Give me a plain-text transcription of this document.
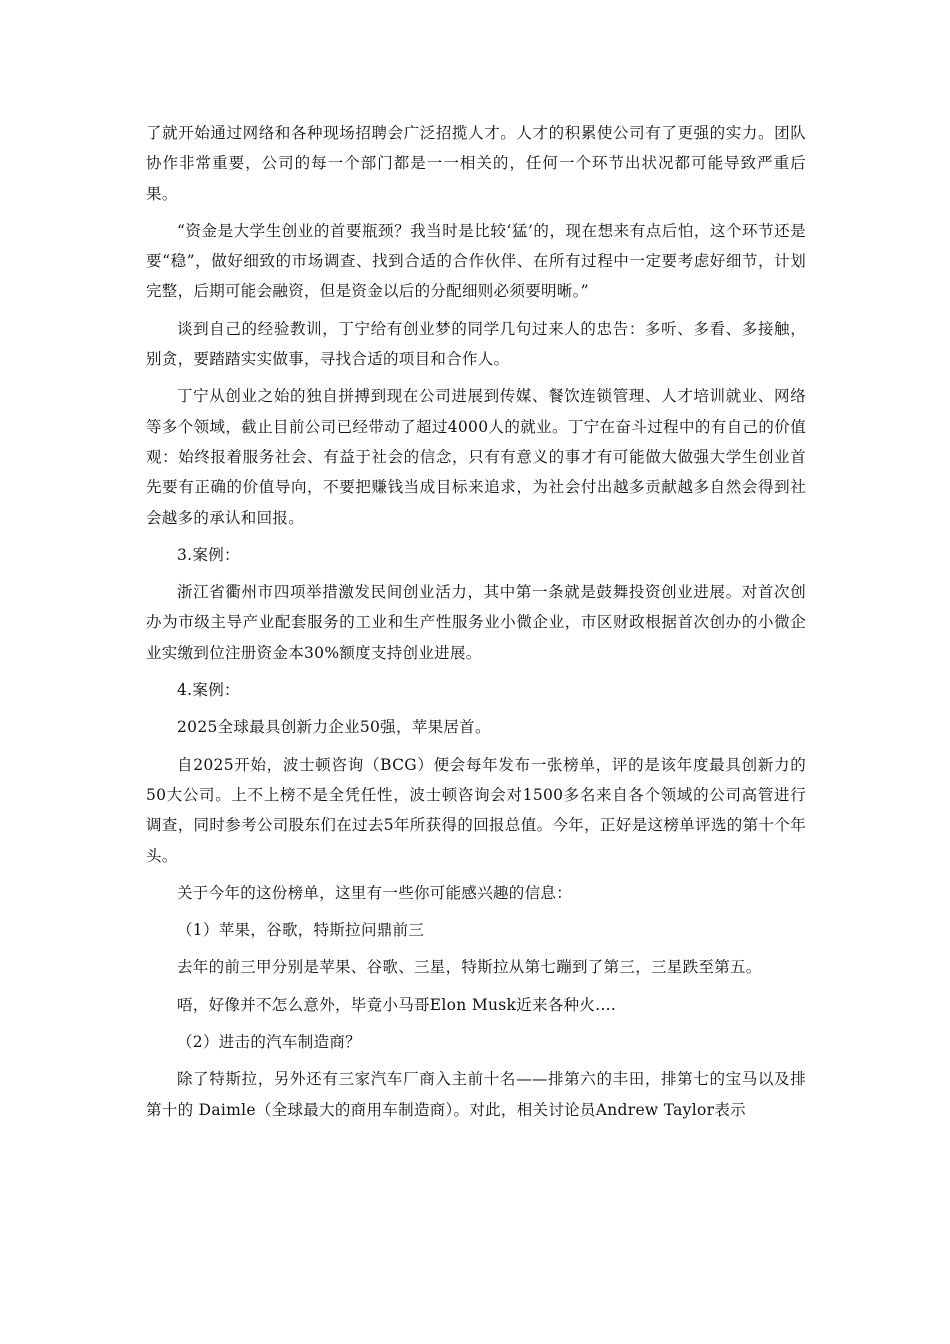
了就开始通过网络和各种现场招聘会广泛招揽人才。人才的积累使公司有了更强的实力。团队协作非常重要，公司的每一个部门都是一一相关的，任何一个环节出状况都可能导致严重后果。

“资金是大学生创业的首要瓶颈？我当时是比较‘猛’的，现在想来有点后怕，这个环节还是要“稳”，做好细致的市场调查、找到合适的合作伙伴、在所有过程中一定要考虑好细节，计划完整，后期可能会融资，但是资金以后的分配细则必须要明晰。”

谈到自己的经验教训，丁宁给有创业梦的同学几句过来人的忠告：多听、多看、多接触，别贪，要踏踏实实做事，寻找合适的项目和合作人。

丁宁从创业之始的独自拼搏到现在公司进展到传媒、餐饮连锁管理、人才培训就业、网络等多个领域，截止目前公司已经带动了超过4000人的就业。丁宁在奋斗过程中的有自己的价值观：始终报着服务社会、有益于社会的信念，只有有意义的事才有可能做大做强大学生创业首先要有正确的价值导向，不要把赚钱当成目标来追求，为社会付出越多贡献越多自然会得到社会越多的承认和回报。

3.案例：

浙江省衢州市四项举措激发民间创业活力，其中第一条就是鼓舞投资创业进展。对首次创办为市级主导产业配套服务的工业和生产性服务业小微企业，市区财政根据首次创办的小微企业实缴到位注册资金本30%额度支持创业进展。

4.案例：

2025全球最具创新力企业50强，苹果居首。

自2025开始，波士顿咨询（BCG）便会每年发布一张榜单，评的是该年度最具创新力的50大公司。上不上榜不是全凭任性，波士顿咨询会对1500多名来自各个领域的公司高管进行调查，同时参考公司股东们在过去5年所获得的回报总值。今年，正好是这榜单评选的第十个年头。

关于今年的这份榜单，这里有一些你可能感兴趣的信息：

（1）苹果，谷歌，特斯拉问鼎前三

去年的前三甲分别是苹果、谷歌、三星，特斯拉从第七蹦到了第三，三星跌至第五。

唔，好像并不怎么意外，毕竟小马哥Elon Musk近来各种火....

（2）进击的汽车制造商？

除了特斯拉，另外还有三家汽车厂商入主前十名——排第六的丰田，排第七的宝马以及排第十的 Daimle（全球最大的商用车制造商）。对此，相关讨论员Andrew Taylor表示
